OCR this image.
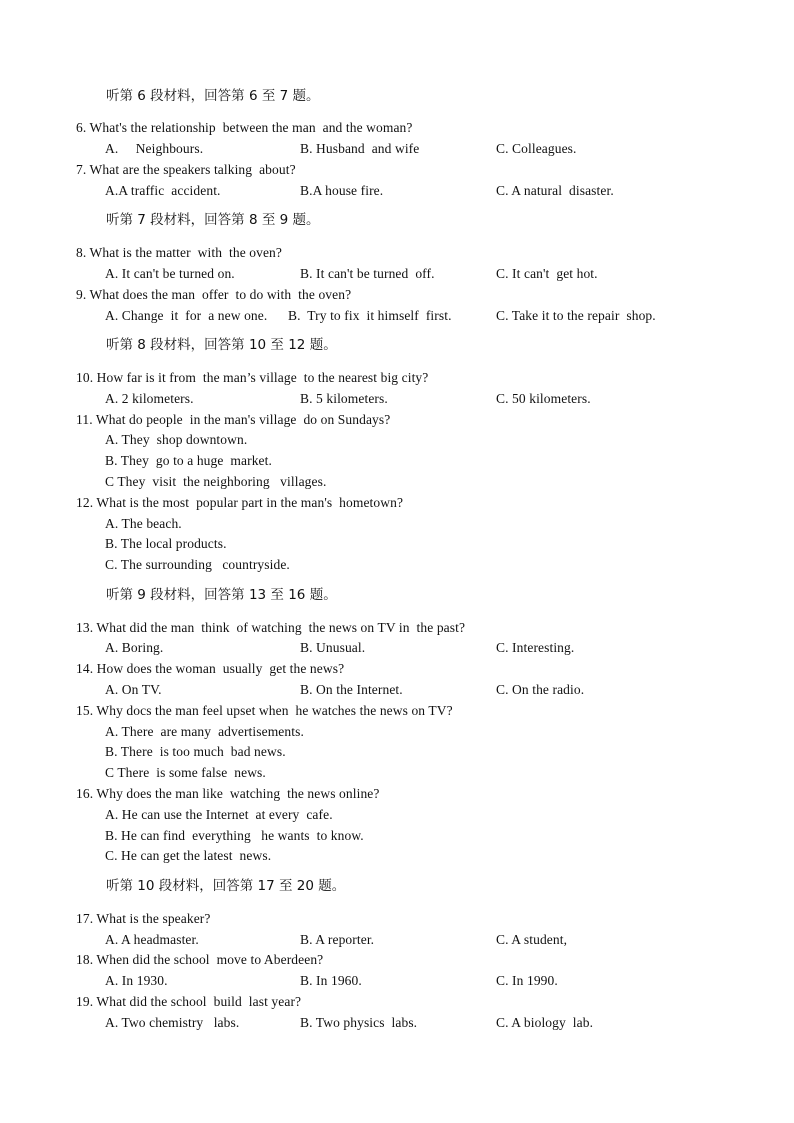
听第 6 段材料，回答第 6 至 7 题。
6. What's the relationship  between the man  and the woman?
A.     Neighbours.	B. Husband  and wife	C. Colleagues.
7. What are the speakers talking  about?
A.A traffic  accident.	B.A house fire.	C. A natural  disaster.
听第 7 段材料，回答第 8 至 9 题。
8. What is the matter  with  the oven?
A. It can't be turned on.	B. It can't be turned  off.	C. It can't  get hot.
9. What does the man  offer  to do with  the oven?
A. Change  it  for  a new one. B.  Try to fix  it himself  first.	C. Take it to the repair  shop.
听第 8 段材料，回答第 10 至 12 题。
10. How far is it from  the man’s village  to the nearest big city?
A. 2 kilometers.	B. 5 kilometers.	C. 50 kilometers.
11. What do people  in the man's village  do on Sundays?
A. They  shop downtown.
B. They  go to a huge  market.
C They  visit  the neighboring   villages.
12. What is the most  popular part in the man's  hometown?
A. The beach.
B. The local products.
C. The surrounding   countryside.
听第 9 段材料，回答第 13 至 16 题。
13. What did the man  think  of watching  the news on TV in  the past?
A. Boring.	B. Unusual.	C. Interesting.
14. How does the woman  usually  get the news?
A. On TV.	B. On the Internet.	C. On the radio.
15. Why docs the man feel upset when  he watches the news on TV?
A. There  are many  advertisements.
B. There  is too much  bad news.
C There  is some false  news.
16. Why does the man like  watching  the news online?
A. He can use the Internet  at every  cafe.
B. He can find  everything   he wants  to know.
C. He can get the latest  news.
听第 10 段材料，回答第 17 至 20 题。
17. What is the speaker?
A. A headmaster.	B. A reporter.	C. A student,
18. When did the school  move to Aberdeen?
A. In 1930.	B. In 1960.	C. In 1990.
19. What did the school  build  last year?
A. Two chemistry   labs.	B. Two physics  labs.	C. A biology  lab.
